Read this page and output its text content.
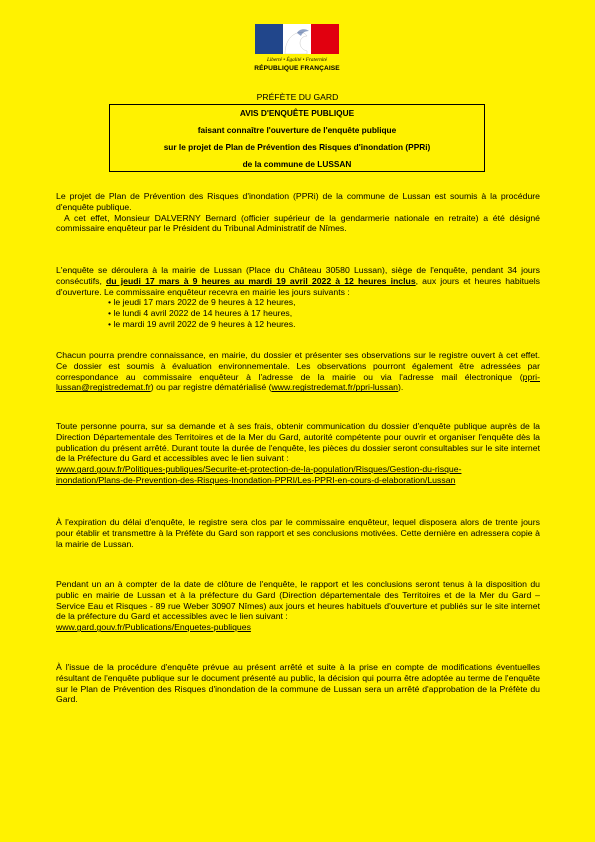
Liberté • Égalité • Fraternité
RÉPUBLIQUE FRANÇAISE
PRÉFÈTE DU GARD
AVIS D'ENQUÊTE PUBLIQUE
faisant connaître l'ouverture de l'enquête publique
sur le projet de Plan de Prévention des Risques d'inondation (PPRi)
de la commune de LUSSAN

Le projet de Plan de Prévention des Risques d'inondation (PPRi) de la commune de Lussan est soumis à la procédure d'enquête publique.

A cet effet, Monsieur DALVERNY Bernard (officier supérieur de la gendarmerie nationale en retraite) a été désigné commissaire enquêteur par le Président du Tribunal Administratif de Nîmes.

L'enquête se déroulera à la mairie de Lussan (Place du Château 30580 Lussan), siège de l'enquête, pendant 34 jours consécutifs, du jeudi 17 mars à 9 heures au mardi 19 avril 2022 à 12 heures inclus, aux jours et heures habituels d'ouverture. Le commissaire enquêteur recevra en mairie les jours suivants :

• le jeudi 17 mars 2022 de 9 heures à 12 heures,
• le lundi 4 avril 2022 de 14 heures à 17 heures,
• le mardi 19 avril 2022 de 9 heures à 12 heures.

Chacun pourra prendre connaissance, en mairie, du dossier et présenter ses observations sur le registre ouvert à cet effet. Ce dossier est soumis à évaluation environnementale. Les observations pourront également être adressées par correspondance au commissaire enquêteur à l'adresse de la mairie ou via l'adresse mail électronique (ppri-lussan@registredemat.fr) ou par registre dématérialisé (www.registredemat.fr/ppri-lussan).

Toute personne pourra, sur sa demande et à ses frais, obtenir communication du dossier d'enquête publique auprès de la Direction Départementale des Territoires et de la Mer du Gard, autorité compétente pour ouvrir et organiser l'enquête dès la publication du présent arrêté. Durant toute la durée de l'enquête, les pièces du dossier seront consultables sur le site internet de la Préfecture du Gard et accessibles avec le lien suivant :

www.gard.gouv.fr/Politiques-publiques/Securite-et-protection-de-la-population/Risques/Gestion-du-risque-
inondation/Plans-de-Prevention-des-Risques-Inondation-PPRI/Les-PPRI-en-cours-d-elaboration/Lussan

À l'expiration du délai d'enquête, le registre sera clos par le commissaire enquêteur, lequel disposera alors de trente jours pour établir et transmettre à la Préfète du Gard son rapport et ses conclusions motivées. Cette dernière en adressera copie à la mairie de Lussan.

Pendant un an à compter de la date de clôture de l'enquête, le rapport et les conclusions seront tenus à la disposition du public en mairie de Lussan et à la préfecture du Gard (Direction départementale des Territoires et de la Mer du Gard – Service Eau et Risques - 89 rue Weber 30907 Nîmes) aux jours et heures habituels d'ouverture et publiés sur le site internet de la préfecture du Gard et accessibles avec le lien suivant :

www.gard.gouv.fr/Publications/Enquetes-publiques

À l'issue de la procédure d'enquête prévue au présent arrêté et suite à la prise en compte de modifications éventuelles résultant de l'enquête publique sur le document présenté au public, la décision qui pourra être adoptée au terme de l'enquête sur le Plan de Prévention des Risques d'inondation de la commune de Lussan sera un arrêté d'approbation de la Préfète du Gard.
